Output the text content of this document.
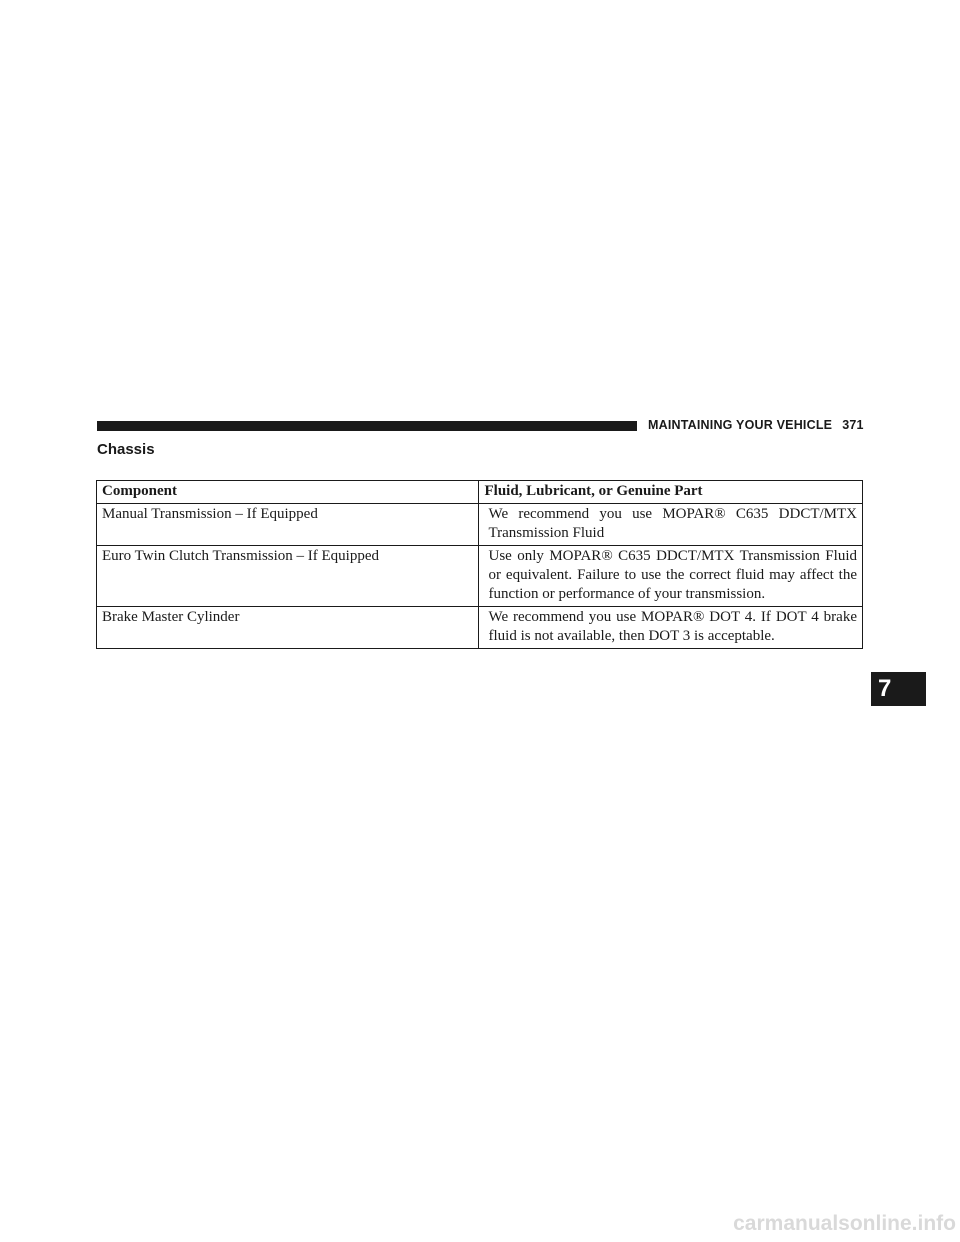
MAINTAINING YOUR VEHICLE 371
Chassis
Component	Fluid, Lubricant, or Genuine Part
Manual Transmission – If Equipped	We recommend you use MOPAR® C635 DDCT/MTX Transmission Fluid
Euro Twin Clutch Transmission – If Equipped	Use only MOPAR® C635 DDCT/MTX Transmission Fluid or equivalent. Failure to use the correct fluid may affect the function or performance of your transmission.
Brake Master Cylinder	We recommend you use MOPAR® DOT 4. If DOT 4 brake fluid is not available, then DOT 3 is acceptable.
7
carmanualsonline.info
